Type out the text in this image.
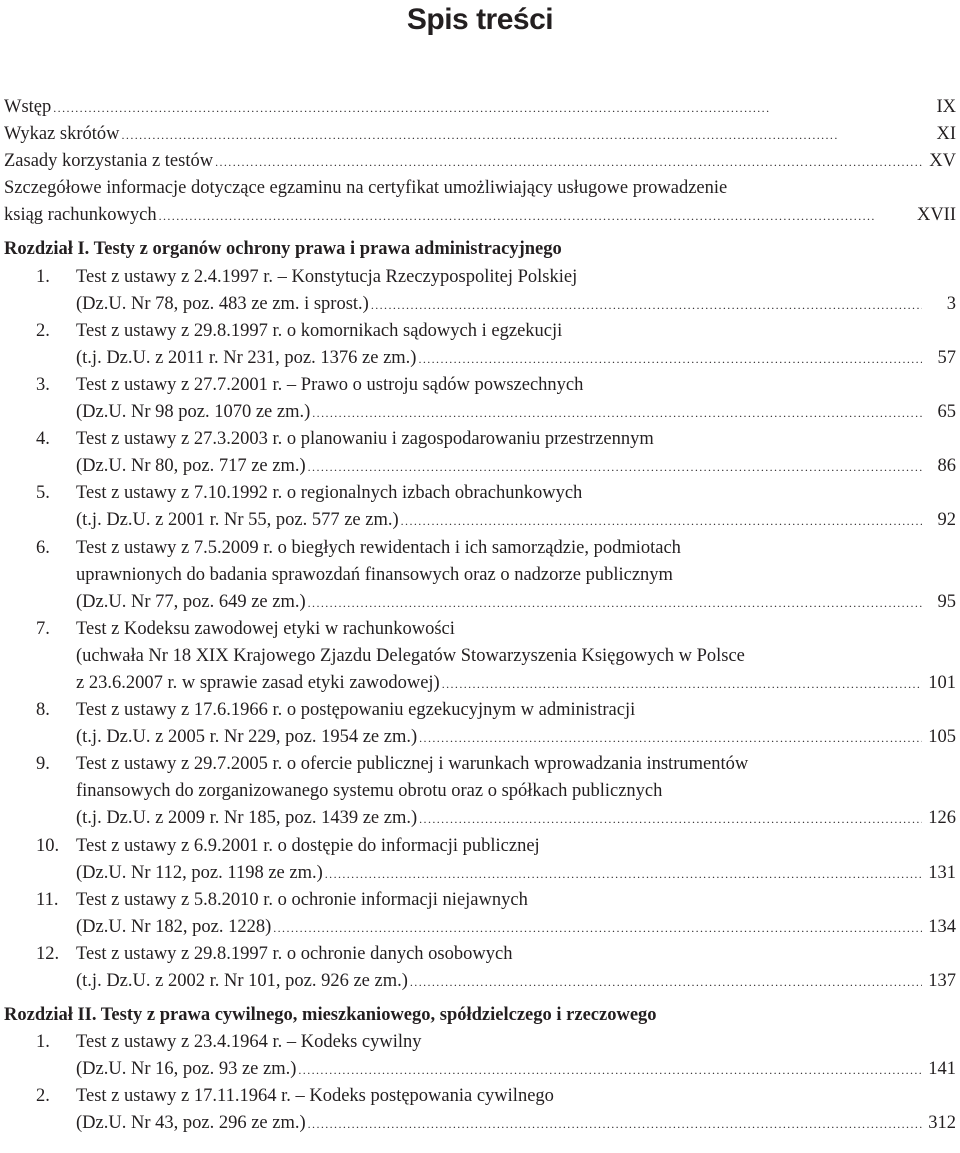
Spis treści
Wstęp . . .	IX
Wykaz skrótów . . .	XI
Zasady korzystania z testów . . .	XV
Szczegółowe informacje dotyczące egzaminu na certyfikat umożliwiający usługowe prowadzenie
ksiąg rachunkowych . . .	XVII
Rozdział I. Testy z organów ochrony prawa i prawa administracyjnego
1.	Test z ustawy z 2.4.1997 r. – Konstytucja Rzeczypospolitej Polskiej
(Dz.U. Nr 78, poz. 483 ze zm. i sprost.) . . .	3
2.	Test z ustawy z 29.8.1997 r. o komornikach sądowych i egzekucji
(t.j. Dz.U. z 2011 r. Nr 231, poz. 1376 ze zm.) . . .	57
3.	Test z ustawy z 27.7.2001 r. – Prawo o ustroju sądów powszechnych
(Dz.U. Nr 98 poz. 1070 ze zm.) . . .	65
4.	Test z ustawy z 27.3.2003 r. o planowaniu i zagospodarowaniu przestrzennym
(Dz.U. Nr 80, poz. 717 ze zm.) . . .	86
5.	Test z ustawy z 7.10.1992 r. o regionalnych izbach obrachunkowych
(t.j. Dz.U. z 2001 r. Nr 55, poz. 577 ze zm.) . . .	92
6.	Test z ustawy z 7.5.2009 r. o biegłych rewidentach i ich samorządzie, podmiotach
uprawnionych do badania sprawozdań finansowych oraz o nadzorze publicznym
(Dz.U. Nr 77, poz. 649 ze zm.) . . .	95
7.	Test z Kodeksu zawodowej etyki w rachunkowości
(uchwała Nr 18 XIX Krajowego Zjazdu Delegatów Stowarzyszenia Księgowych w Polsce
z 23.6.2007 r. w sprawie zasad etyki zawodowej) . . .	101
8.	Test z ustawy z 17.6.1966 r. o postępowaniu egzekucyjnym w administracji
(t.j. Dz.U. z 2005 r. Nr 229, poz. 1954 ze zm.) . . .	105
9.	Test z ustawy z 29.7.2005 r. o ofercie publicznej i warunkach wprowadzania instrumentów
finansowych do zorganizowanego systemu obrotu oraz o spółkach publicznych
(t.j. Dz.U. z 2009 r. Nr 185, poz. 1439 ze zm.) . . .	126
10. Test z ustawy z 6.9.2001 r. o dostępie do informacji publicznej
(Dz.U. Nr 112, poz. 1198 ze zm.) . . .	131
11. Test z ustawy z 5.8.2010 r. o ochronie informacji niejawnych
(Dz.U. Nr 182, poz. 1228) . . .	134
12. Test z ustawy z 29.8.1997 r. o ochronie danych osobowych
(t.j. Dz.U. z 2002 r. Nr 101, poz. 926 ze zm.) . . .	137
Rozdział II. Testy z prawa cywilnego, mieszkaniowego, spółdzielczego i rzeczowego
1.	Test z ustawy z 23.4.1964 r. – Kodeks cywilny
(Dz.U. Nr 16, poz. 93 ze zm.) . . .	141
2.	Test z ustawy z 17.11.1964 r. – Kodeks postępowania cywilnego
(Dz.U. Nr 43, poz. 296 ze zm.) . . .	312
